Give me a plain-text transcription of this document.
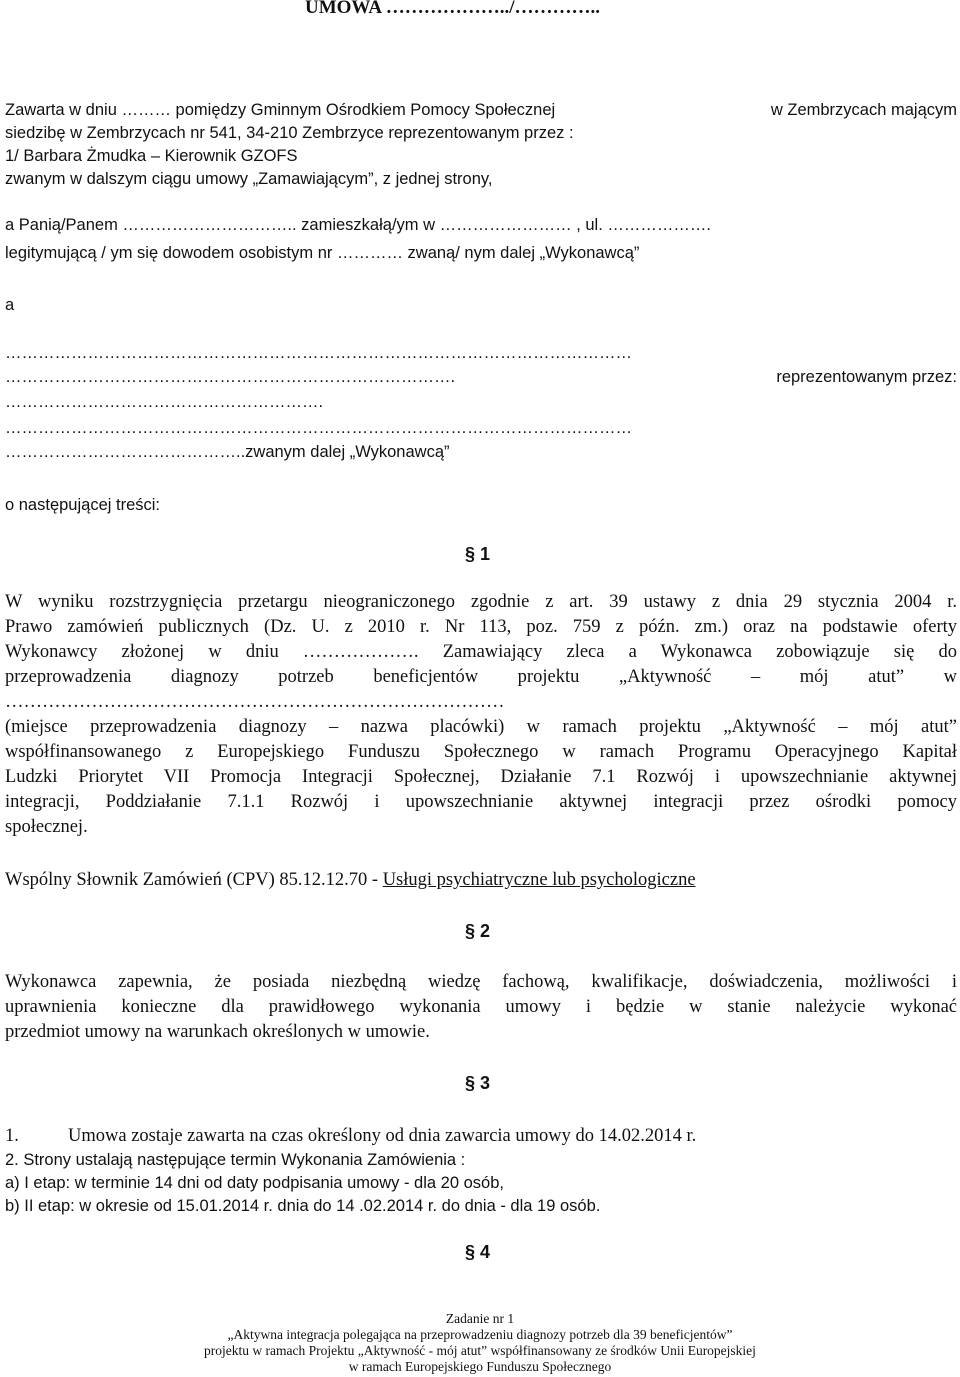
UMOWA ………………../…………..
Zawarta w dniu ……… pomiędzy Gminnym Ośrodkiem Pomocy Społecznej	w Zembrzycach mającym
siedzibę w Zembrzycach nr 541, 34-210 Zembrzyce reprezentowanym przez :
1/ Barbara Żmudka – Kierownik GZOFS
zwanym w dalszym ciągu umowy „Zamawiającym”, z jednej strony,
a Panią/Panem ………………………….. zamieszkałą/ym w …………………… , ul. ……………….
legitymującą / ym się dowodem osobistym nr ………… zwaną/ nym dalej „Wykonawcą”
a
……………………………………………………………………………………………………
……………………………………………………………………….	reprezentowanym przez:
………………………………………………….
……………………………………………………………………………………………………
……………………………………..zwanym dalej „Wykonawcą”
o następującej treści:
§ 1
W wyniku rozstrzygnięcia przetargu nieograniczonego zgodnie z art. 39 ustawy z dnia 29 stycznia 2004 r.
Prawo zamówień publicznych (Dz. U. z 2010 r. Nr 113, poz. 759 z późn. zm.) oraz na podstawie oferty
Wykonawcy złożonej w dniu ………………. Zamawiający zleca a Wykonawca zobowiązuje się do
przeprowadzenia diagnozy potrzeb beneficjentów projektu „Aktywność – mój atut” w
………………………………………………………………………
(miejsce przeprowadzenia diagnozy – nazwa placówki) w ramach projektu „Aktywność – mój atut”
współfinansowanego z Europejskiego Funduszu Społecznego w ramach Programu Operacyjnego Kapitał
Ludzki Priorytet VII Promocja Integracji Społecznej, Działanie 7.1 Rozwój i upowszechnianie aktywnej
integracji, Poddziałanie 7.1.1 Rozwój i upowszechnianie aktywnej integracji przez ośrodki pomocy
społecznej.
Wspólny Słownik Zamówień (CPV) 85.12.12.70 - Usługi psychiatryczne lub psychologiczne
§ 2
Wykonawca zapewnia, że posiada niezbędną wiedzę fachową, kwalifikacje, doświadczenia, możliwości i
uprawnienia konieczne dla prawidłowego wykonania umowy i będzie w stanie należycie wykonać
przedmiot umowy na warunkach określonych w umowie.
§ 3
1.	Umowa zostaje zawarta na czas określony od dnia zawarcia umowy do 14.02.2014 r.
2. Strony ustalają następujące termin Wykonania Zamówienia :
a) I etap: w terminie 14 dni od daty podpisania umowy - dla 20 osób,
b) II etap: w okresie od 15.01.2014 r. dnia do 14 .02.2014 r. do dnia - dla 19 osób.
§ 4
Zadanie nr 1
„Aktywna integracja polegająca na przeprowadzeniu diagnozy potrzeb dla 39 beneficjentów”
projektu w ramach Projektu „Aktywność - mój atut” współfinansowany ze środków Unii Europejskiej
w ramach Europejskiego Funduszu Społecznego
